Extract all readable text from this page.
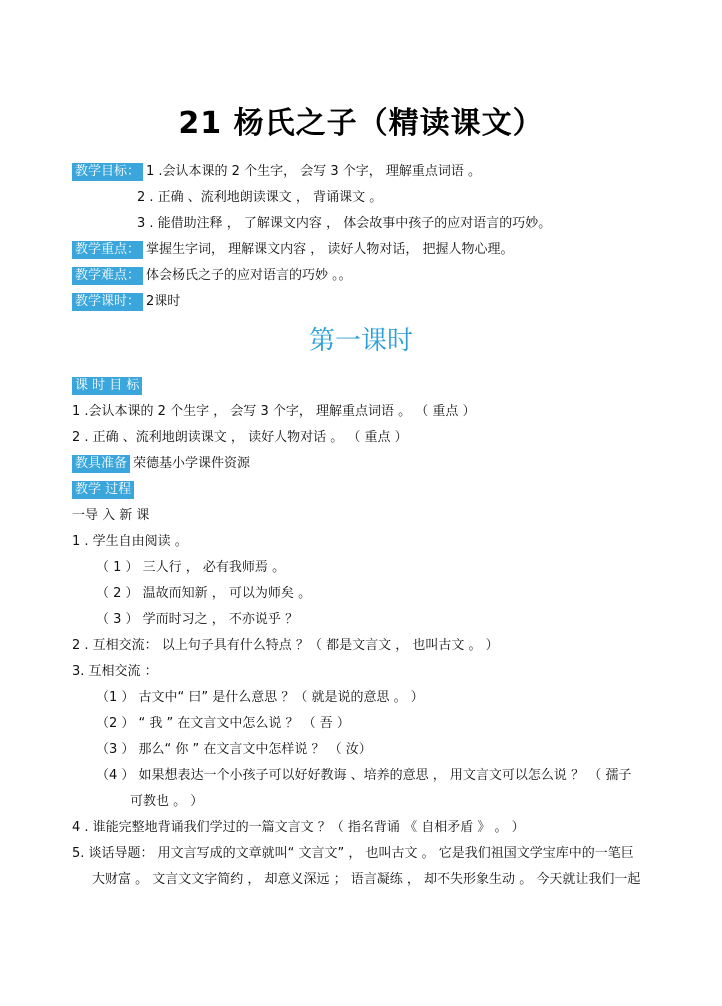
21 杨氏之子（精读课文）
教学目标： 1 .会认本课的 2 个生字， 会写 3 个字， 理解重点词语 。
2 . 正确 、流利地朗读课文 ， 背诵课文 。
3 . 能借助注释 ， 了解课文内容 ， 体会故事中孩子的应对语言的巧妙。
教学重点： 掌握生字词， 理解课文内容 ， 读好人物对话， 把握人物心理。
教学难点： 体会杨氏之子的应对语言的巧妙 。。
教学课时： 2课时
第一课时
课 时 目 标
1 .会认本课的 2 个生字 ， 会写 3 个字， 理解重点词语 。 （ 重点 ）
2 . 正确 、流利地朗读课文 ， 读好人物对话 。 （ 重点 ）
教具准备 荣德基小学课件资源
教学 过程
一导 入 新 课
1 . 学生自由阅读 。
（ 1 ） 三人行 ， 必有我师焉 。
（ 2 ） 温故而知新 ， 可以为师矣 。
（ 3 ） 学而时习之 ， 不亦说乎 ？
2 . 互相交流： 以上句子具有什么特点 ？（ 都是文言文 ， 也叫古文 。 ）
3. 互相交流 ：
（1 ） 古文中“ 曰” 是什么意思 ？（ 就是说的意思 。 ）
（2 ） “ 我 ” 在文言文中怎么说 ？ （ 吾 ）
（3 ） 那么“ 你 ” 在文言文中怎样说 ？ （ 汝）
（4 ） 如果想表达一个小孩子可以好好教诲 、培养的意思 ， 用文言文可以怎么说 ？ （ 孺子
可教也 。 ）
4 . 谁能完整地背诵我们学过的一篇文言文 ？（ 指名背诵 《 自相矛盾 》 。 ）
5. 谈话导题： 用文言写成的文章就叫“ 文言文” ， 也叫古文 。 它是我们祖国文学宝库中的一笔巨
大财富 。 文言文文字简约 ， 却意义深远 ； 语言凝练 ， 却不失形象生动 。 今天就让我们一起
